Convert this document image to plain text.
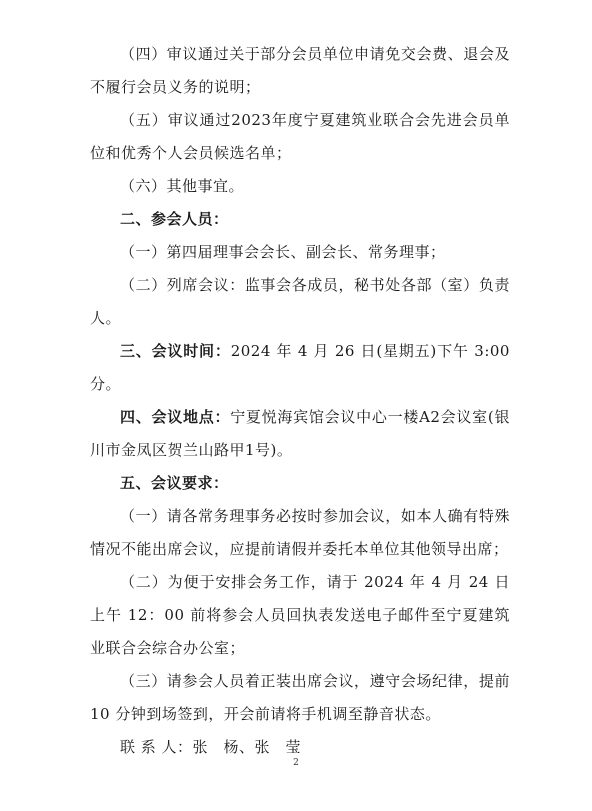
（四）审议通过关于部分会员单位申请免交会费、退会及不履行会员义务的说明；

（五）审议通过2023年度宁夏建筑业联合会先进会员单位和优秀个人会员候选名单；

（六）其他事宜。

二、参会人员：

（一）第四届理事会会长、副会长、常务理事；

（二）列席会议：监事会各成员，秘书处各部（室）负责人。

三、会议时间：2024 年 4 月 26 日(星期五)下午 3:00 分。

四、会议地点：宁夏悦海宾馆会议中心一楼A2会议室(银川市金凤区贺兰山路甲1号)。

五、会议要求：

（一）请各常务理事务必按时参加会议，如本人确有特殊情况不能出席会议，应提前请假并委托本单位其他领导出席；

（二）为便于安排会务工作，请于 2024 年 4 月 24 日上午 12：00 前将参会人员回执表发送电子邮件至宁夏建筑业联合会综合办公室；

（三）请参会人员着正装出席会议，遵守会场纪律，提前 10 分钟到场签到，开会前请将手机调至静音状态。

联 系 人：张　杨、张　莹

2
